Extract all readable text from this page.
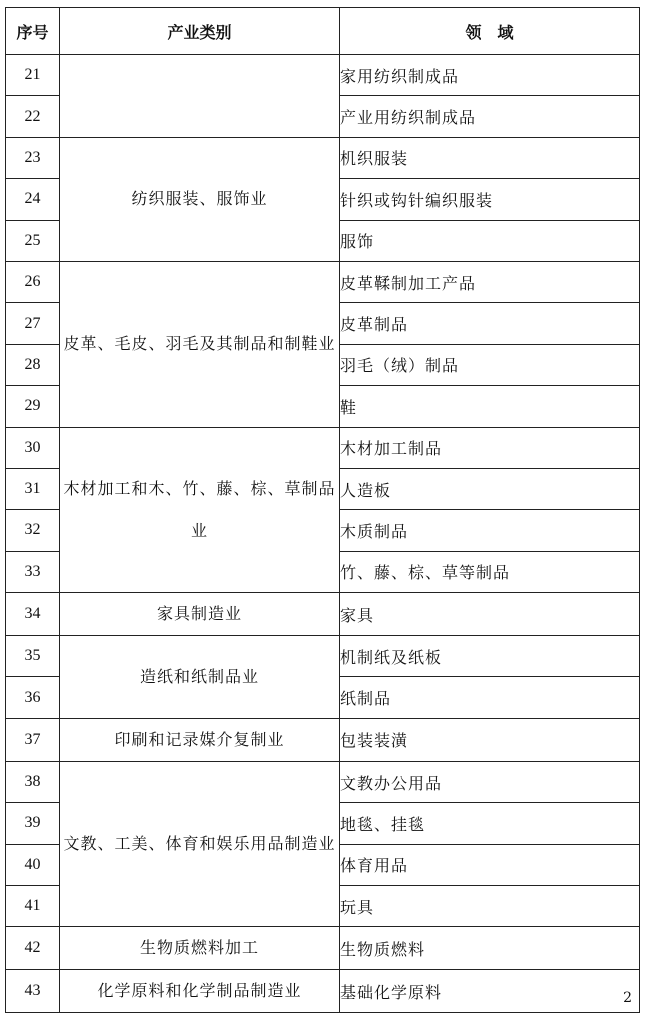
序号	产业类别	领　域
21		家用纺织制成品
22		产业用纺织制成品
23	纺织服装、服饰业	机织服装
24		针织或钩针编织服装
25		服饰
26	皮革、毛皮、羽毛及其制品和制鞋业	皮革鞣制加工产品
27		皮革制品
28		羽毛（绒）制品
29		鞋
30	木材加工和木、竹、藤、棕、草制品业	木材加工制品
31		人造板
32		木质制品
33		竹、藤、棕、草等制品
34	家具制造业	家具
35	造纸和纸制品业	机制纸及纸板
36		纸制品
37	印刷和记录媒介复制业	包装装潢
38	文教、工美、体育和娱乐用品制造业	文教办公用品
39		地毯、挂毯
40		体育用品
41		玩具
42	生物质燃料加工	生物质燃料
43	化学原料和化学制品制造业	基础化学原料	2
